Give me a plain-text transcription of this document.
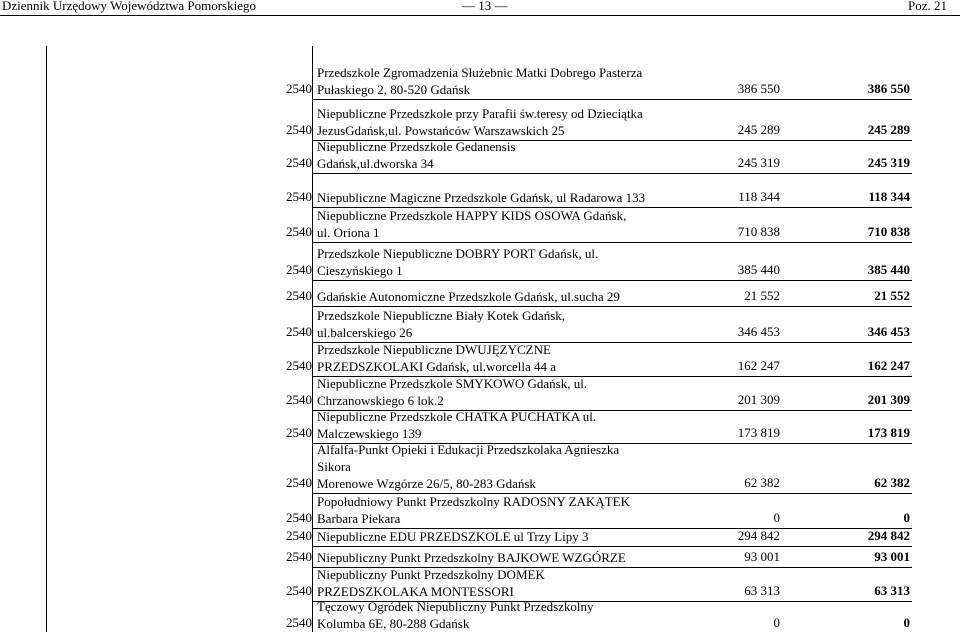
Dziennik Urzędowy Województwa Pomorskiego	— 13 —	Poz. 21
2540
Przedszkole Zgromadzenia Służebnic Matki Dobrego Pasterza
Pułaskiego 2, 80-520 Gdańsk	386 550	386 550
2540
Niepubliczne Przedszkole przy Parafii św.teresy od Dzieciątka
JezusGdańsk,ul. Powstańców Warszawskich 25	245 289	245 289
2540
Niepubliczne Przedszkole Gedanensis
Gdańsk,ul.dworska 34	245 319	245 319
2540 Niepubliczne Magiczne Przedszkole Gdańsk, ul Radarowa 133	118 344	118 344
2540
Niepubliczne Przedszkole HAPPY KIDS OSOWA Gdańsk,
ul. Oriona 1	710 838	710 838
2540
Przedszkole Niepubliczne DOBRY PORT Gdańsk, ul.
Cieszyńskiego 1	385 440	385 440
2540 Gdańskie Autonomiczne Przedszkole Gdańsk, ul.sucha 29	21 552	21 552
2540
Przedszkole Niepubliczne Biały Kotek Gdańsk,
ul.balcerskiego 26	346 453	346 453
2540
Przedszkole Niepubliczne DWUJĘZYCZNE
PRZEDSZKOLAKI Gdańsk, ul.worcella 44 a	162 247	162 247
2540
Niepubliczne Przedszkole SMYKOWO Gdańsk, ul.
Chrzanowskiego 6 lok.2	201 309	201 309
2540
Niepubliczne Przedszkole CHATKA PUCHATKA ul.
Malczewskiego 139	173 819	173 819
2540
Alfalfa-Punkt Opieki i Edukacji Przedszkolaka Agnieszka
Sikora
Morenowe Wzgórze 26/5, 80-283 Gdańsk	62 382	62 382
2540
Popołudniowy Punkt Przedszkolny RADOSNY ZAKĄTEK
Barbara Piekara	0	0
2540 Niepubliczne EDU PRZEDSZKOLE ul Trzy Lipy 3	294 842	294 842
2540 Niepubliczny Punkt Przedszkolny BAJKOWE WZGÓRZE	93 001	93 001
2540
Niepubliczny Punkt Przedszkolny DOMEK
PRZEDSZKOLAKA MONTESSORI	63 313	63 313
2540
Tęczowy Ogródek Niepubliczny Punkt Przedszkolny
Kolumba 6E, 80-288 Gdańsk	0	0
